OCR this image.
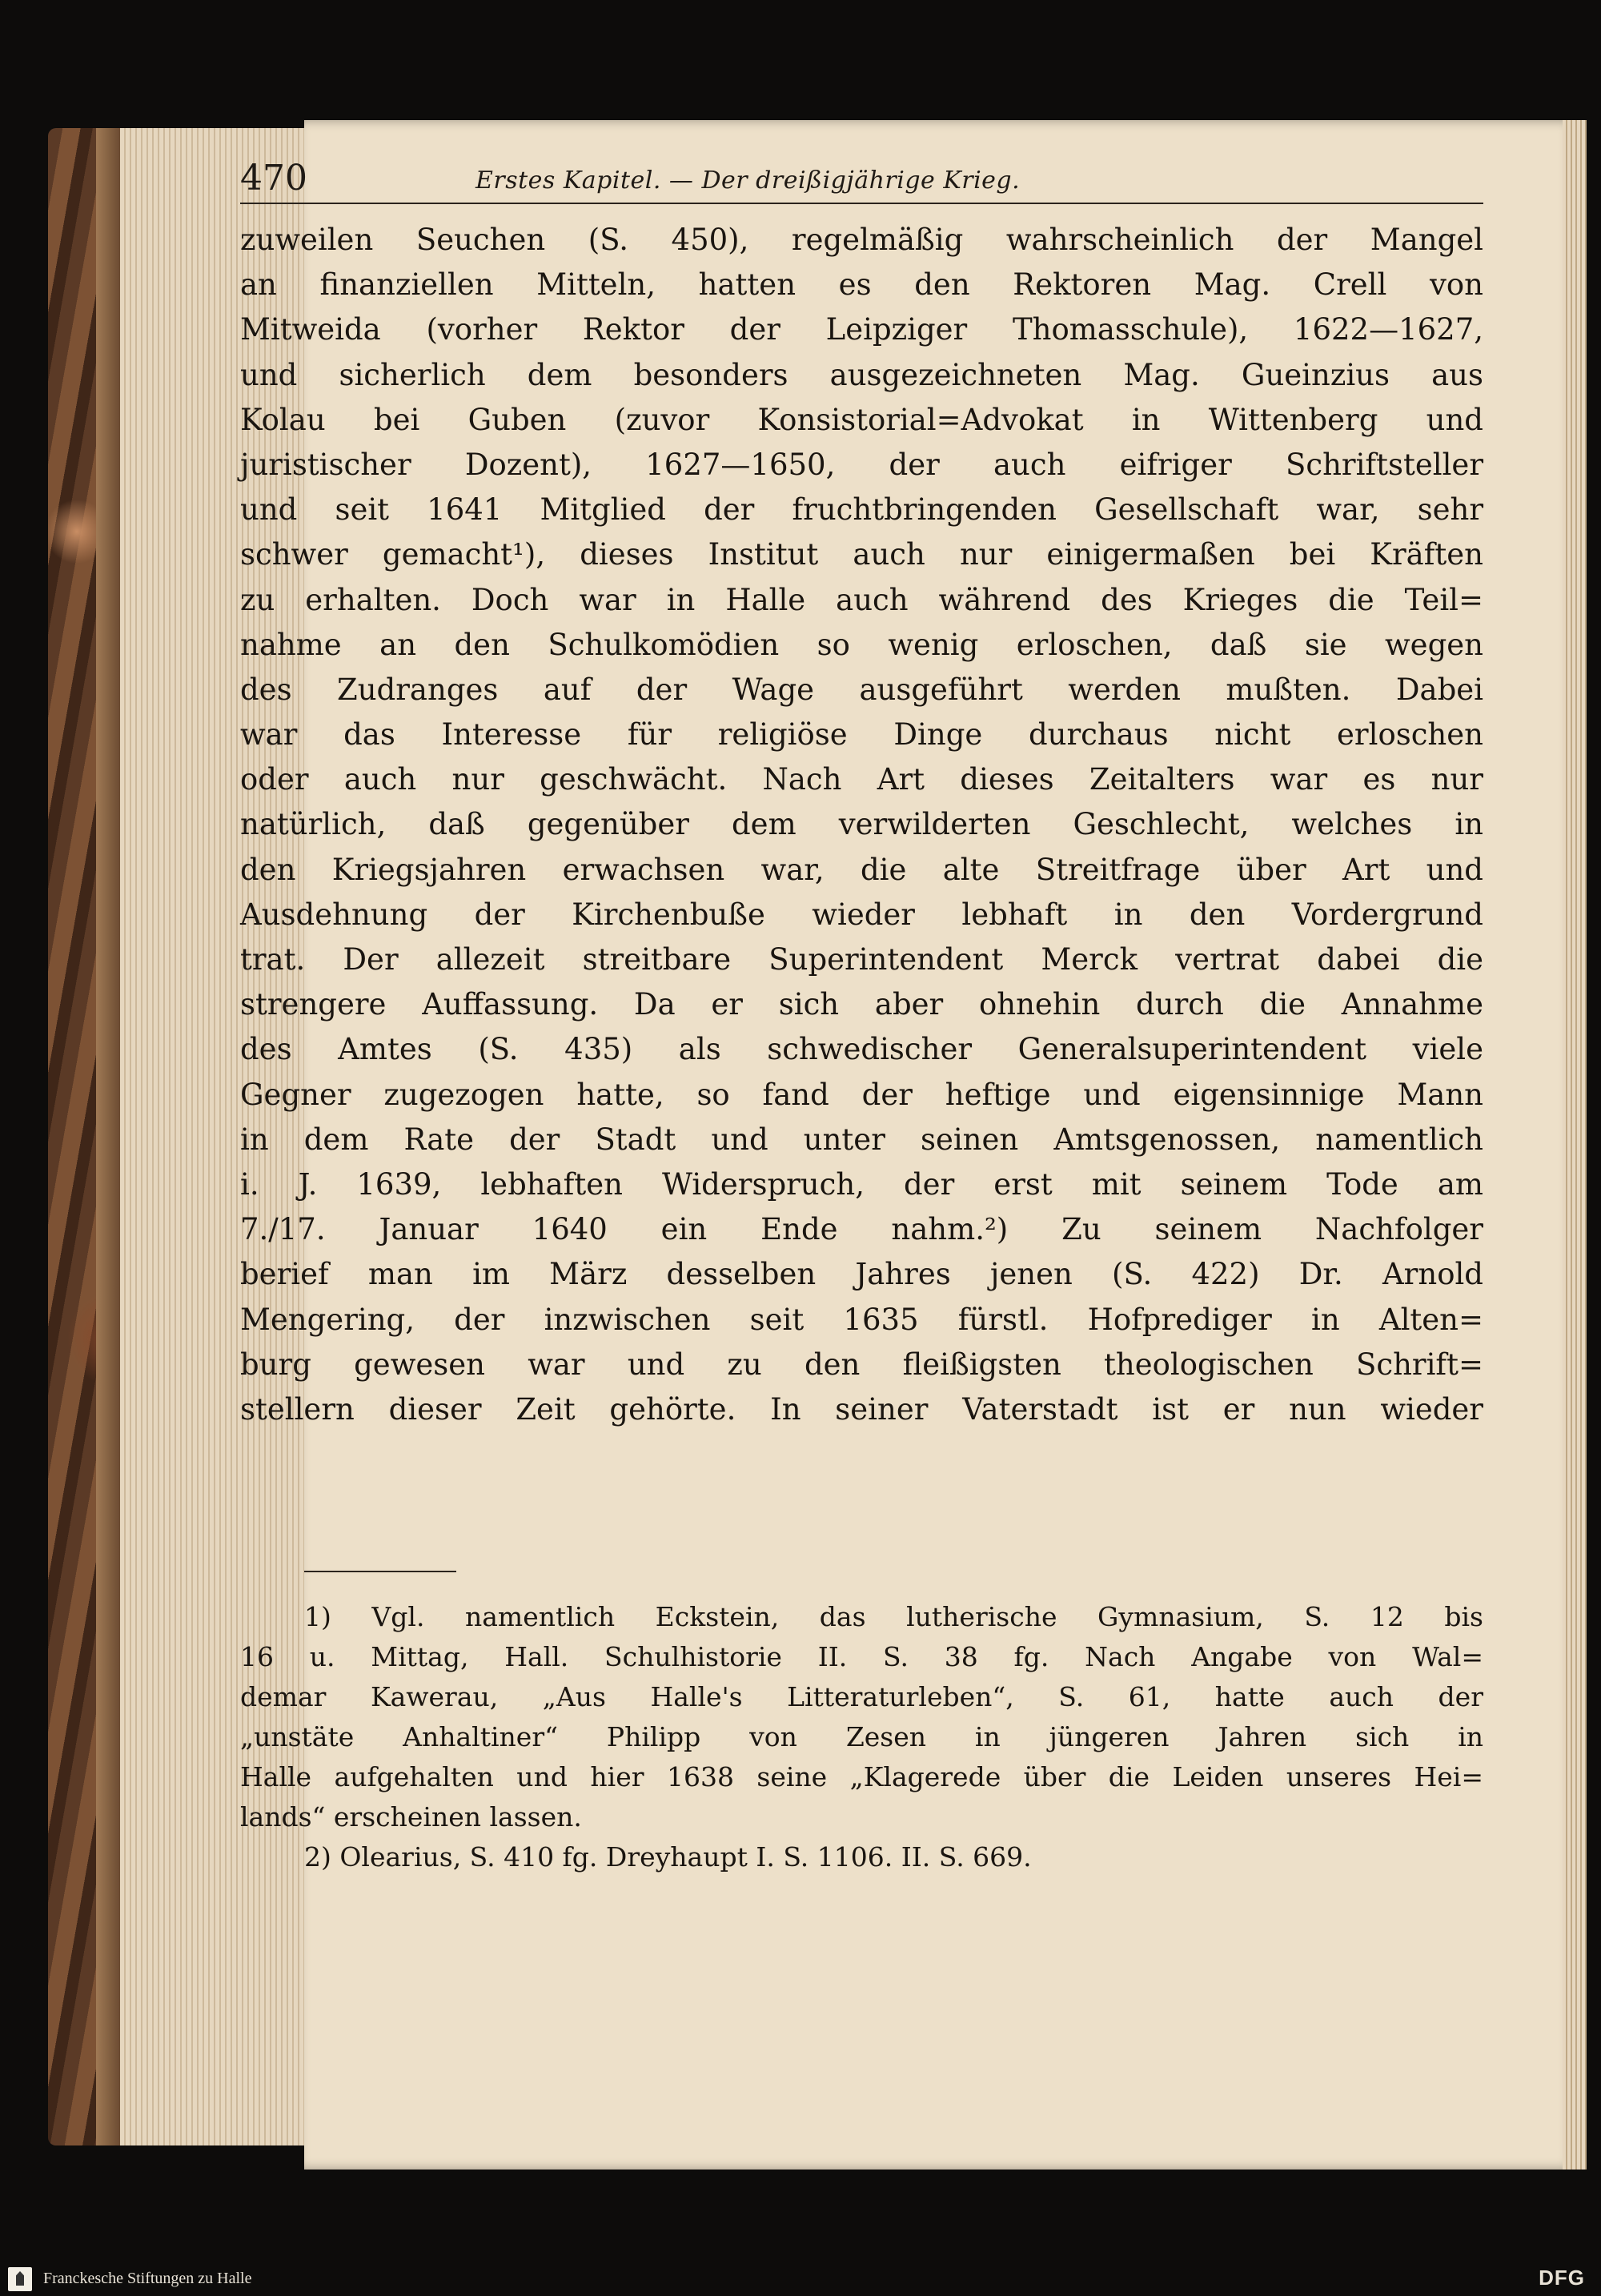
470	Erstes Kapitel. — Der dreißigjährige Krieg.
zuweilen Seuchen (S. 450), regelmäßig wahrscheinlich der Mangel
an finanziellen Mitteln, hatten es den Rektoren Mag. Crell von
Mitweida (vorher Rektor der Leipziger Thomasschule), 1622—1627,
und sicherlich dem besonders ausgezeichneten Mag. Gueinzius aus
Kolau bei Guben (zuvor Konsistorial=Advokat in Wittenberg und
juristischer Dozent), 1627—1650, der auch eifriger Schriftsteller
und seit 1641 Mitglied der fruchtbringenden Gesellschaft war, sehr
schwer gemacht¹), dieses Institut auch nur einigermaßen bei Kräften
zu erhalten. Doch war in Halle auch während des Krieges die Teil=
nahme an den Schulkomödien so wenig erloschen, daß sie wegen
des Zudranges auf der Wage ausgeführt werden mußten. Dabei
war das Interesse für religiöse Dinge durchaus nicht erloschen
oder auch nur geschwächt. Nach Art dieses Zeitalters war es nur
natürlich, daß gegenüber dem verwilderten Geschlecht, welches in
den Kriegsjahren erwachsen war, die alte Streitfrage über Art und
Ausdehnung der Kirchenbuße wieder lebhaft in den Vordergrund
trat. Der allezeit streitbare Superintendent Merck vertrat dabei die
strengere Auffassung. Da er sich aber ohnehin durch die Annahme
des Amtes (S. 435) als schwedischer Generalsuperintendent viele
Gegner zugezogen hatte, so fand der heftige und eigensinnige Mann
in dem Rate der Stadt und unter seinen Amtsgenossen, namentlich
i. J. 1639, lebhaften Widerspruch, der erst mit seinem Tode am
7./17. Januar 1640 ein Ende nahm.²) Zu seinem Nachfolger
berief man im März desselben Jahres jenen (S. 422) Dr. Arnold
Mengering, der inzwischen seit 1635 fürstl. Hofprediger in Alten=
burg gewesen war und zu den fleißigsten theologischen Schrift=
stellern dieser Zeit gehörte. In seiner Vaterstadt ist er nun wieder
1) Vgl. namentlich Eckstein, das lutherische Gymnasium, S. 12 bis
16 u. Mittag, Hall. Schulhistorie II. S. 38 fg. Nach Angabe von Wal=
demar Kawerau, „Aus Halle's Litteraturleben“, S. 61, hatte auch der
„unstäte Anhaltiner“ Philipp von Zesen in jüngeren Jahren sich in
Halle aufgehalten und hier 1638 seine „Klagerede über die Leiden unseres Hei=
lands“ erscheinen lassen.
2) Olearius, S. 410 fg. Dreyhaupt I. S. 1106. II. S. 669.
Franckesche Stiftungen zu Halle	DFG
